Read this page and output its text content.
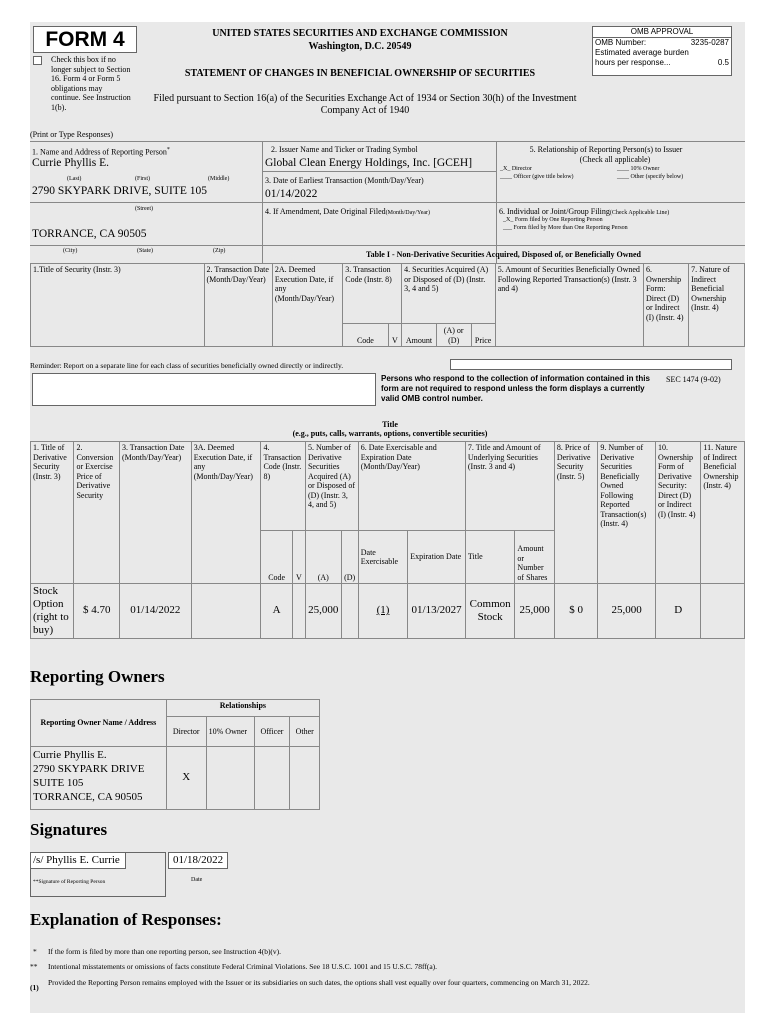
FORM 4
Check this box if no longer subject to Section 16. Form 4 or Form 5 obligations may continue. See Instruction 1(b).
UNITED STATES SECURITIES AND EXCHANGE COMMISSION
Washington, D.C. 20549
STATEMENT OF CHANGES IN BENEFICIAL OWNERSHIP OF SECURITIES
Filed pursuant to Section 16(a) of the Securities Exchange Act of 1934 or Section 30(h) of the Investment Company Act of 1940
OMB APPROVAL
OMB Number:	3235-0287
Estimated average burden
hours per response...	0.5
(Print or Type Responses)
1. Name and Address of Reporting Person*
Currie Phyllis E.
(Last)	(First)	(Middle)
2790 SKYPARK DRIVE, SUITE 105
(Street)
TORRANCE, CA 90505
(City)	(State)	(Zip)
2. Issuer Name and Ticker or Trading Symbol
Global Clean Energy Holdings, Inc. [GCEH]
3. Date of Earliest Transaction (Month/Day/Year)
01/14/2022
4. If Amendment, Date Original Filed(Month/Day/Year)
5. Relationship of Reporting Person(s) to Issuer
(Check all applicable)
_X_ Director	____ 10% Owner
____ Officer (give title below)	____ Other (specify below)
6. Individual or Joint/Group Filing(Check Applicable Line)
_X_ Form filed by One Reporting Person
___ Form filed by More than One Reporting Person
Table I - Non-Derivative Securities Acquired, Disposed of, or Beneficially Owned
1.Title of Security (Instr. 3)	2. Transaction Date (Month/Day/Year)	2A. Deemed Execution Date, if any (Month/Day/Year)	3. Transaction Code (Instr. 8)		4. Securities Acquired (A) or Disposed of (D) (Instr. 3, 4 and 5)			5. Amount of Securities Beneficially Owned Following Reported Transaction(s) (Instr. 3 and 4)	6. Ownership Form: Direct (D) or Indirect (I) (Instr. 4)	7. Nature of Indirect Beneficial Ownership (Instr. 4)
			Code	V	Amount	(A) or (D)	Price			
Reminder: Report on a separate line for each class of securities beneficially owned directly or indirectly.
Persons who respond to the collection of information contained in this form are not required to respond unless the form displays a currently valid OMB control number.
SEC 1474 (9-02)
Title
(e.g., puts, calls, warrants, options, convertible securities)
1. Title of Derivative Security (Instr. 3)	2. Conversion or Exercise Price of Derivative Security	3. Transaction Date (Month/Day/Year)	3A. Deemed Execution Date, if any (Month/Day/Year)	4. Transaction Code (Instr. 8)		5. Number of Derivative Securities Acquired (A) or Disposed of (D) (Instr. 3, 4, and 5)		6. Date Exercisable and Expiration Date (Month/Day/Year)		7. Title and Amount of Underlying Securities (Instr. 3 and 4)		8. Price of Derivative Security (Instr. 5)	9. Number of Derivative Securities Beneficially Owned Following Reported Transaction(s) (Instr. 4)	10. Ownership Form of Derivative Security: Direct (D) or Indirect (I) (Instr. 4)	11. Nature of Indirect Beneficial Ownership (Instr. 4)
				Code	V	(A)	(D)	Date Exercisable	Expiration Date	Title	Amount or Number of Shares				
Stock Option (right to buy)	$ 4.70	01/14/2022		A		25,000		(1)	01/13/2027	Common Stock	25,000	$ 0	25,000	D	
Reporting Owners
Reporting Owner Name / Address	Relationships			
	Director	10% Owner	Officer	Other

Currie Phyllis E.
2790 SKYPARK DRIVE
SUITE 105
TORRANCE, CA 90505	X			
Signatures
/s/ Phyllis E. Currie
**Signature of Reporting Person
01/18/2022
Date
Explanation of Responses:
* If the form is filed by more than one reporting person, see Instruction 4(b)(v).
** Intentional misstatements or omissions of facts constitute Federal Criminal Violations. See 18 U.S.C. 1001 and 15 U.S.C. 78ff(a).
(1)
Provided the Reporting Person remains employed with the Issuer or its subsidiaries on such dates, the options shall vest equally over four quarters, commencing on March 31, 2022.
